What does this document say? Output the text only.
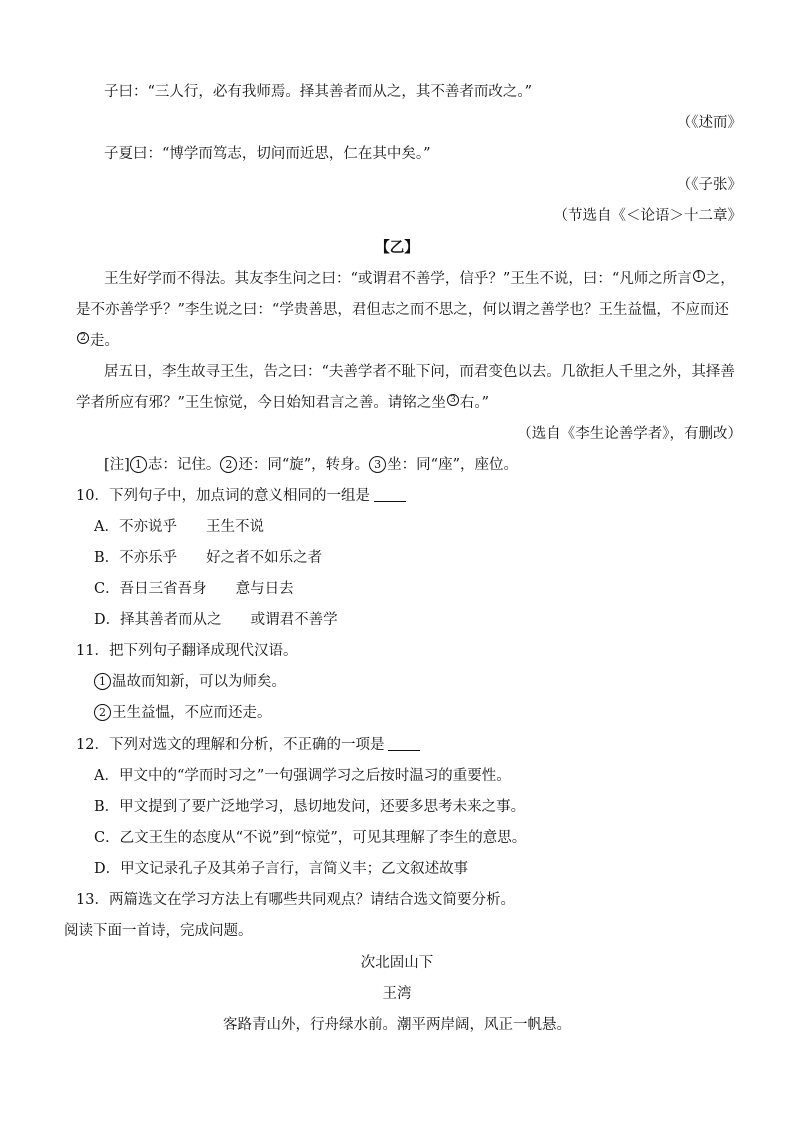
子曰：“三人行，必有我师焉。择其善者而从之，其不善者而改之。”
（《述而》
子夏曰：“博学而笃志，切问而近思，仁在其中矣。”
（《子张》
（节选自《＜论语＞十二章》
【乙】
王生好学而不得法。其友李生问之曰：“或谓君不善学，信乎？”王生不说，曰：“凡师之所言 1 之，是不亦善学乎？”李生说之曰：“学贵善思，君但志之而不思之，何以谓之善学也？王生益愠，不应而还2 走。
居五日，李生故寻王生，告之曰：“夫善学者不耻下问，而君变色以去。几欲拒人千里之外，其择善学者所应有邪？”王生惊觉，今日始知君言之善。请铭之坐 3 右。”
（选自《李生论善学者》，有删改）
[注] 1 志：记住。 2 还：同“旋”，转身。 3 坐：同“座”，座位。
10．下列句子中，加点词的意义相同的一组是
A．不亦说乎　　王生不说
B．不亦乐乎　　好之者不如乐之者
C．吾日三省吾身　　意与日去
D．择其善者而从之　　或谓君不善学
11．把下列句子翻译成现代汉语。
1 温故而知新，可以为师矣。
2 王生益愠，不应而还走。
12．下列对选文的理解和分析，不正确的一项是
A．甲文中的“学而时习之”一句强调学习之后按时温习的重要性。
B．甲文提到了要广泛地学习，恳切地发问，还要多思考未来之事。
C．乙文王生的态度从“不说”到“惊觉”，可见其理解了李生的意思。
D．甲文记录孔子及其弟子言行，言简义丰；乙文叙述故事
13．两篇选文在学习方法上有哪些共同观点？请结合选文简要分析。
阅读下面一首诗，完成问题。
次北固山下
王湾
客路青山外，行舟绿水前。潮平两岸阔，风正一帆悬。
